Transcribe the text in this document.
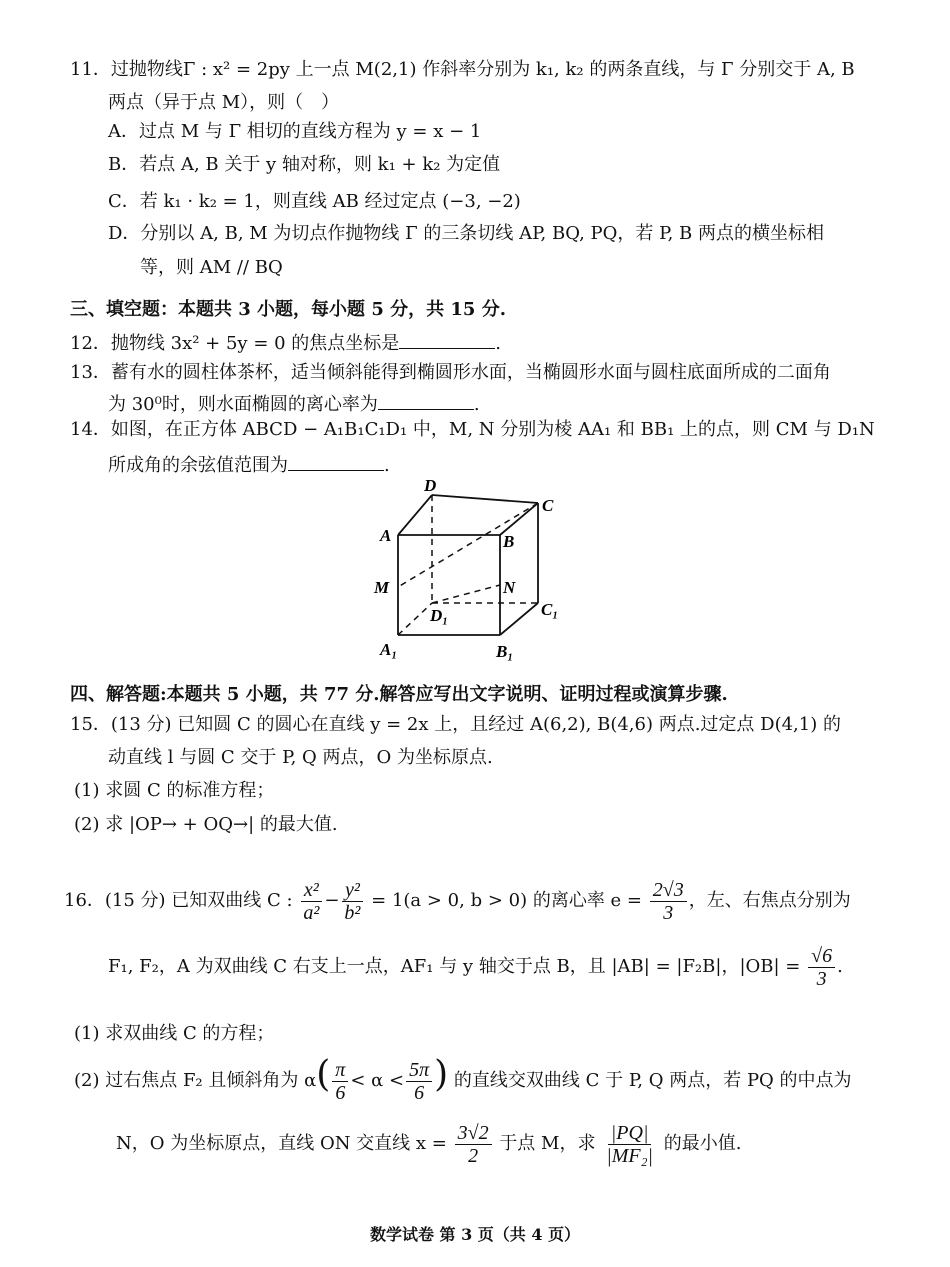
11．过抛物线Γ : x² = 2py 上一点 M(2,1) 作斜率分别为 k₁, k₂ 的两条直线，与 Γ 分别交于 A, B
两点（异于点 M），则（　）
A．过点 M 与 Γ 相切的直线方程为 y = x − 1
B．若点 A, B 关于 y 轴对称，则 k₁ + k₂ 为定值
C．若 k₁ · k₂ = 1，则直线 AB 经过定点 (−3, −2)
D．分别以 A, B, M 为切点作抛物线 Γ 的三条切线 AP, BQ, PQ，若 P, B 两点的横坐标相
等，则 AM // BQ
三、填空题：本题共 3 小题，每小题 5 分，共 15 分.
12．抛物线 3x² + 5y = 0 的焦点坐标是	.
13．蓄有水的圆柱体茶杯，适当倾斜能得到椭圆形水面，当椭圆形水面与圆柱底面所成的二面角
为 30⁰时，则水面椭圆的离心率为	.
14．如图，在正方体 ABCD − A₁B₁C₁D₁ 中，M, N 分别为棱 AA₁ 和 BB₁ 上的点，则 CM 与 D₁N
所成角的余弦值范围为	.
D
C
A	B
M	N
D₁	C₁
A₁	B₁
四、解答题:本题共 5 小题，共 77 分.解答应写出文字说明、证明过程或演算步骤.
15．(13 分) 已知圆 C 的圆心在直线 y = 2x 上，且经过 A(6,2), B(4,6) 两点.过定点 D(4,1) 的
动直线 l 与圆 C 交于 P, Q 两点，O 为坐标原点.
(1) 求圆 C 的标准方程；
(2) 求 |OP→ + OQ→| 的最大值.
16．(15 分) 已知双曲线 C : $\frac{\text{x²}}{\text{a²}} - \frac{\text{y²}}{\text{b²}} = 1(a > 0$, b > 0) 的离心率 $e = \frac{2√3}{3}$ ，左、右焦点分别为
F₁, F₂，A 为双曲线 C 右支上一点，AF₁ 与 y 轴交于点 B，且 |AB| = |F₂B|，$|OB| = \frac{√6}{3}$ .
(1) 求双曲线 C 的方程；
(2) 过右焦点 F₂ 且倾斜角为 $\alpha( \frac{\pi}{6} < \alpha < \frac{5\pi}{6}$ ) 的直线交双曲线 C 于 P, Q 两点，若 PQ 的中点为
N，O 为坐标原点，直线 ON 交直线 $x = \frac{3√2}{2}$ 于点 M，求 $\frac{|PQ|}{\text{|MF₂|}}$ 的最小值.
数学试卷 第 3 页（共 4 页）
